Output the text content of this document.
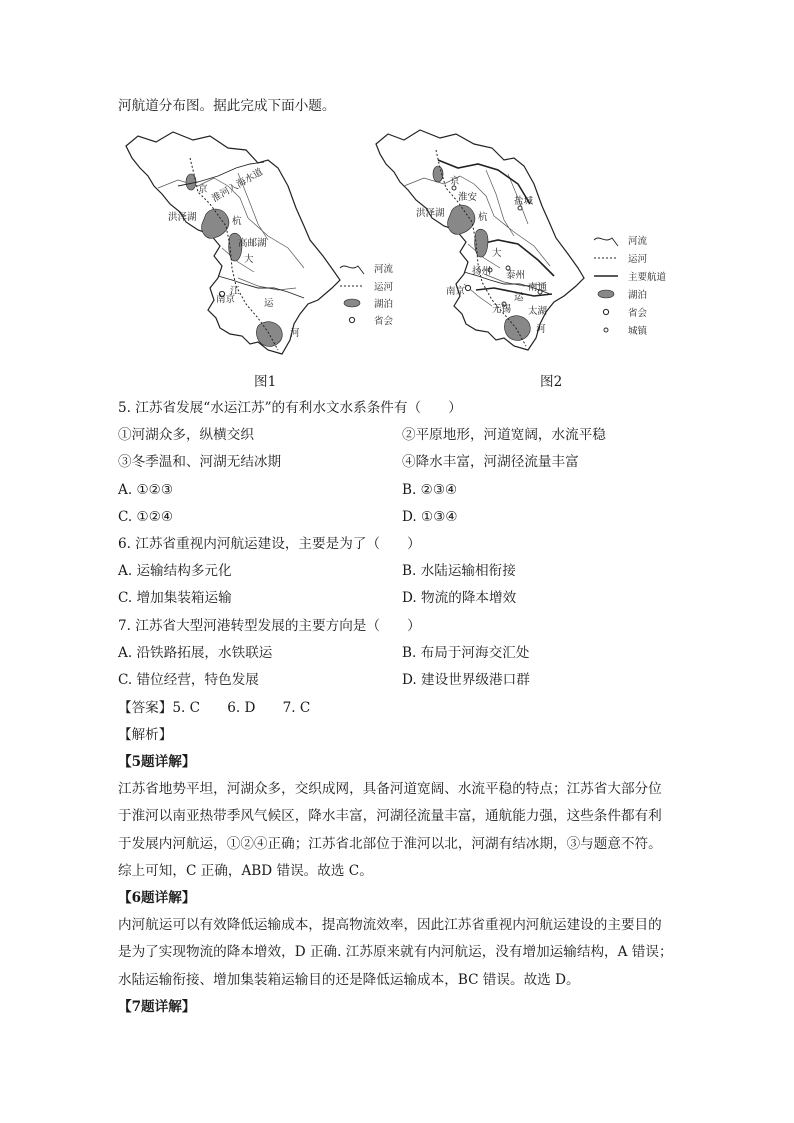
河航道分布图。据此完成下面小题。
京 淮河入海水道
洪泽湖	杭
高邮湖
大
南京
江
运
河
河流
运河
湖泊
省会
图1
京
淮安	盐城
洪泽湖	杭
大
扬州 泰州
南京	南通
运
无锡 太湖
河
河流
运河
主要航道
湖泊
省会
城镇
图2
5. 江苏省发展“水运江苏”的有利水文水系条件有（　　）
①河湖众多，纵横交织	②平原地形，河道宽阔，水流平稳
③冬季温和、河湖无结冰期	④降水丰富，河湖径流量丰富
A. ①②③	B. ②③④
C. ①②④	D. ①③④
6. 江苏省重视内河航运建设，主要是为了（　　）
A. 运输结构多元化	B. 水陆运输相衔接
C. 增加集装箱运输	D. 物流的降本增效
7. 江苏省大型河港转型发展的主要方向是（　　）
A. 沿铁路拓展，水铁联运	B. 布局于河海交汇处
C. 错位经营，特色发展	D. 建设世界级港口群
【答案】5. C　　6. D　　7. C
【解析】
【5题详解】
江苏省地势平坦，河湖众多，交织成网，具备河道宽阔、水流平稳的特点；江苏省大部分位
于淮河以南亚热带季风气候区，降水丰富，河湖径流量丰富，通航能力强，这些条件都有利
于发展内河航运，①②④正确；江苏省北部位于淮河以北，河湖有结冰期，③与题意不符。
综上可知，C 正确，ABD 错误。故选 C。
【6题详解】
内河航运可以有效降低运输成本，提高物流效率，因此江苏省重视内河航运建设的主要目的
是为了实现物流的降本增效，D 正确. 江苏原来就有内河航运，没有增加运输结构，A 错误；
水陆运输衔接、增加集装箱运输目的还是降低运输成本，BC 错误。故选 D。
【7题详解】
